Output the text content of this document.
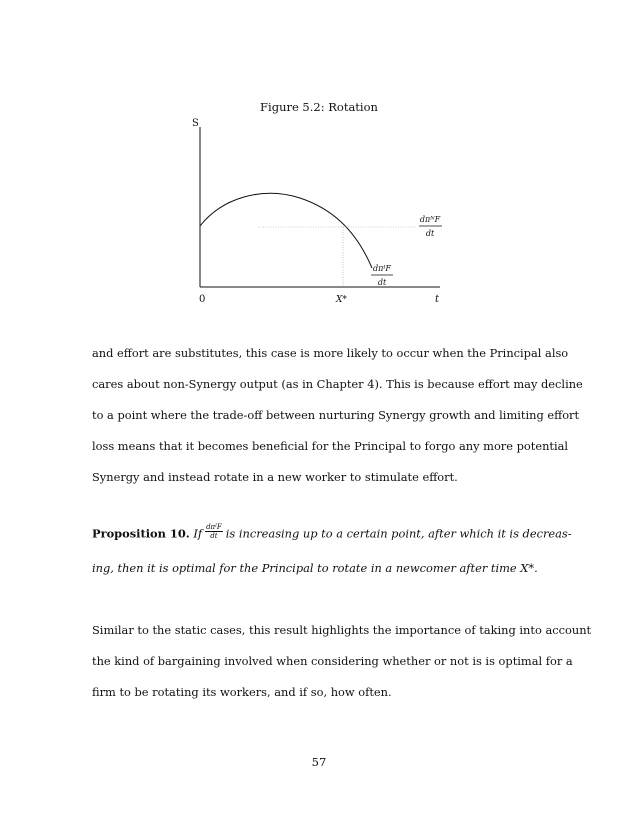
Figure 5.2: Rotation
S
t
0	X*
dπᴺF
dt
dπᴵF
dt
and effort are substitutes, this case is more likely to occur when the Principal also
cares about non-Synergy output (as in Chapter 4). This is because effort may decline
to a point where the trade-off between nurturing Synergy growth and limiting effort
loss means that it becomes beneficial for the Principal to forgo any more potential
Synergy and instead rotate in a new worker to stimulate effort.
Proposition 10. If $\frac{\text{dπᴵF}}{dt}$ is increasing up to a certain point, after which it is decreas-
ing, then it is optimal for the Principal to rotate in a newcomer after time X*.
Similar to the static cases, this result highlights the importance of taking into account
the kind of bargaining involved when considering whether or not is is optimal for a
firm to be rotating its workers, and if so, how often.
57
